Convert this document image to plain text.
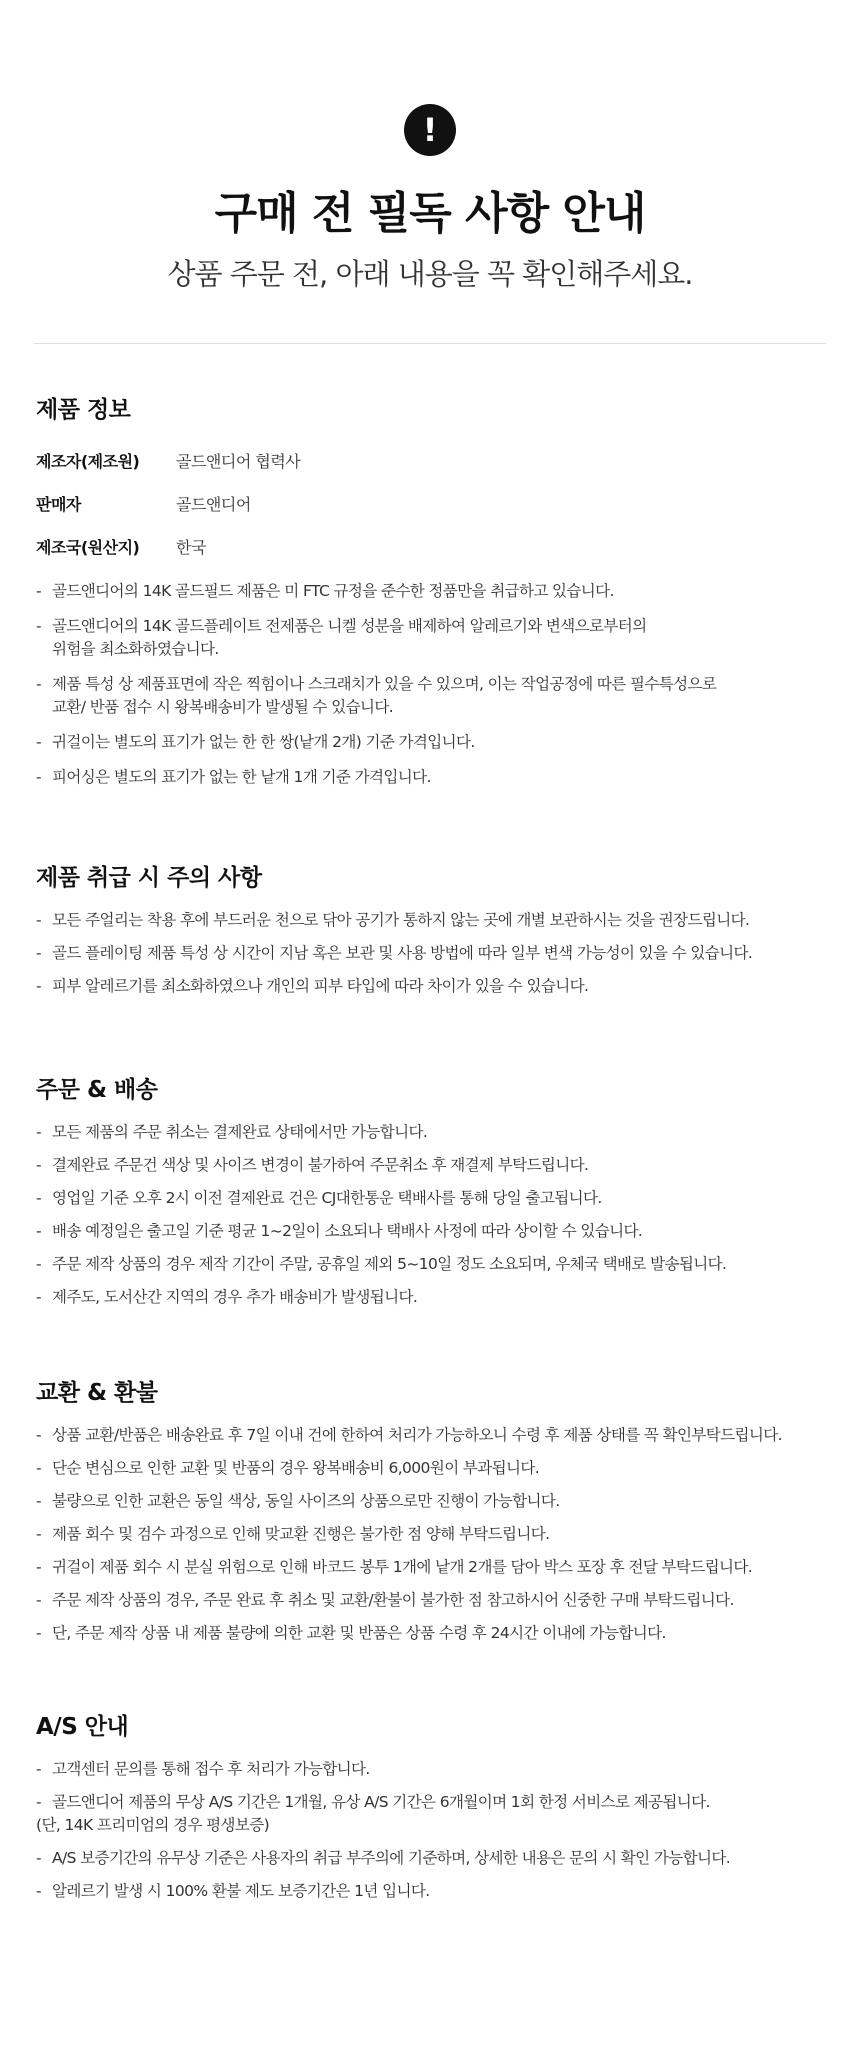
!
구매 전 필독 사항 안내

상품 주문 전, 아래 내용을 꼭 확인해주세요.

제품 정보
제조자(제조원)	골드앤디어 협력사
판매자	골드앤디어
제조국(원산지)	한국
- 골드앤디어의 14K 골드필드 제품은 미 FTC 규정을 준수한 정품만을 취급하고 있습니다.
- 골드앤디어의 14K 골드플레이트 전제품은 니켈 성분을 배제하여 알레르기와 변색으로부터의
위험을 최소화하였습니다.
- 제품 특성 상 제품표면에 작은 찍힘이나 스크래치가 있을 수 있으며, 이는 작업공정에 따른 필수특성으로
교환/ 반품 접수 시 왕복배송비가 발생될 수 있습니다.
- 귀걸이는 별도의 표기가 없는 한 한 쌍(낱개 2개) 기준 가격입니다.
- 피어싱은 별도의 표기가 없는 한 낱개 1개 기준 가격입니다.
제품 취급 시 주의 사항
- 모든 주얼리는 착용 후에 부드러운 천으로 닦아 공기가 통하지 않는 곳에 개별 보관하시는 것을 권장드립니다.
- 골드 플레이팅 제품 특성 상 시간이 지남 혹은 보관 및 사용 방법에 따라 일부 변색 가능성이 있을 수 있습니다.
- 피부 알레르기를 최소화하였으나 개인의 피부 타입에 따라 차이가 있을 수 있습니다.
주문 & 배송
- 모든 제품의 주문 취소는 결제완료 상태에서만 가능합니다.
- 결제완료 주문건 색상 및 사이즈 변경이 불가하여 주문취소 후 재결제 부탁드립니다.
- 영업일 기준 오후 2시 이전 결제완료 건은 CJ대한통운 택배사를 통해 당일 출고됩니다.
- 배송 예정일은 출고일 기준 평균 1~2일이 소요되나 택배사 사정에 따라 상이할 수 있습니다.
- 주문 제작 상품의 경우 제작 기간이 주말, 공휴일 제외 5~10일 정도 소요되며, 우체국 택배로 발송됩니다.
- 제주도, 도서산간 지역의 경우 추가 배송비가 발생됩니다.
교환 & 환불
- 상품 교환/반품은 배송완료 후 7일 이내 건에 한하여 처리가 가능하오니 수령 후 제품 상태를 꼭 확인부탁드립니다.
- 단순 변심으로 인한 교환 및 반품의 경우 왕복배송비 6,000원이 부과됩니다.
- 불량으로 인한 교환은 동일 색상, 동일 사이즈의 상품으로만 진행이 가능합니다.
- 제품 회수 및 검수 과정으로 인해 맞교환 진행은 불가한 점 양해 부탁드립니다.
- 귀걸이 제품 회수 시 분실 위험으로 인해 바코드 봉투 1개에 낱개 2개를 담아 박스 포장 후 전달 부탁드립니다.
- 주문 제작 상품의 경우, 주문 완료 후 취소 및 교환/환불이 불가한 점 참고하시어 신중한 구매 부탁드립니다.
- 단, 주문 제작 상품 내 제품 불량에 의한 교환 및 반품은 상품 수령 후 24시간 이내에 가능합니다.
A/S 안내
- 고객센터 문의를 통해 접수 후 처리가 가능합니다.
- 골드앤디어 제품의 무상 A/S 기간은 1개월, 유상 A/S 기간은 6개월이며 1회 한정 서비스로 제공됩니다.

(단, 14K 프리미엄의 경우 평생보증)

- A/S 보증기간의 유무상 기준은 사용자의 취급 부주의에 기준하며, 상세한 내용은 문의 시 확인 가능합니다.
- 알레르기 발생 시 100% 환불 제도 보증기간은 1년 입니다.
